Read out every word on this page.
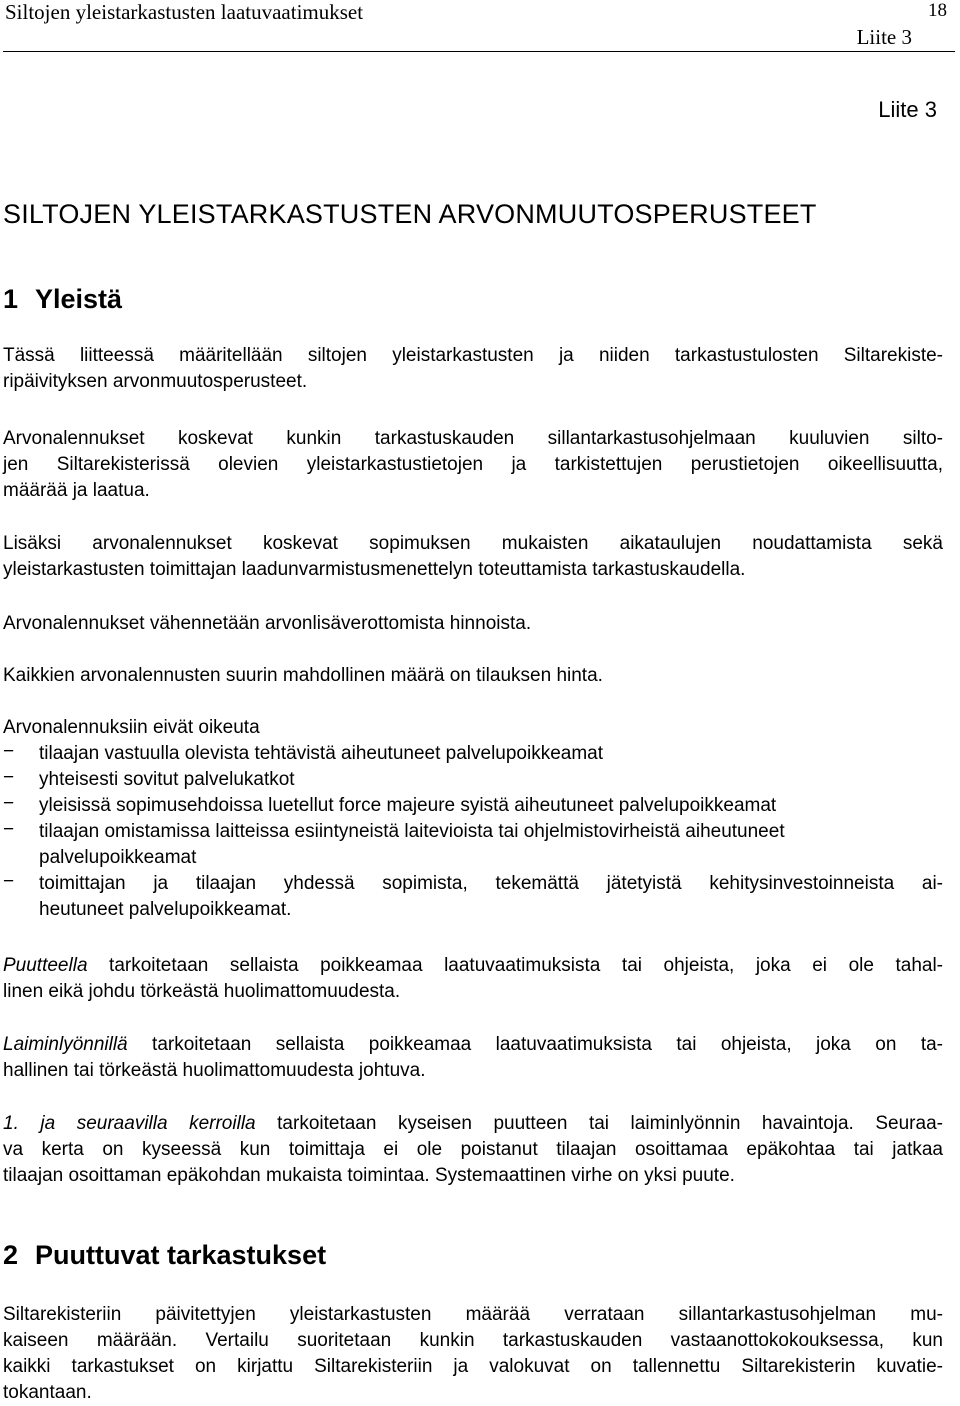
Siltojen yleistarkastusten laatuvaatimukset	18
Liite 3
Liite 3
SILTOJEN YLEISTARKASTUSTEN ARVONMUUTOSPERUSTEET
1 Yleistä
Tässä liitteessä määritellään siltojen yleistarkastusten ja niiden tarkastustulosten Siltarekiste-
ripäivityksen arvonmuutosperusteet.
Arvonalennukset koskevat kunkin tarkastuskauden sillantarkastusohjelmaan kuuluvien silto-
jen Siltarekisterissä olevien yleistarkastustietojen ja tarkistettujen perustietojen oikeellisuutta,
määrää ja laatua.
Lisäksi arvonalennukset koskevat sopimuksen mukaisten aikataulujen noudattamista sekä
yleistarkastusten toimittajan laadunvarmistusmenettelyn toteuttamista tarkastuskaudella.
Arvonalennukset vähennetään arvonlisäverottomista hinnoista.
Kaikkien arvonalennusten suurin mahdollinen määrä on tilauksen hinta.
Arvonalennuksiin eivät oikeuta
− tilaajan vastuulla olevista tehtävistä aiheutuneet palvelupoikkeamat
− yhteisesti sovitut palvelukatkot
− yleisissä sopimusehdoissa luetellut force majeure syistä aiheutuneet palvelupoikkeamat
− tilaajan omistamissa laitteissa esiintyneistä laitevioista tai ohjelmistovirheistä aiheutuneet
palvelupoikkeamat
− toimittajan ja tilaajan yhdessä sopimista, tekemättä jätetyistä kehitysinvestoinneista ai-
heutuneet palvelupoikkeamat.
Puutteella tarkoitetaan sellaista poikkeamaa laatuvaatimuksista tai ohjeista, joka ei ole tahal-
linen eikä johdu törkeästä huolimattomuudesta.
Laiminlyönnillä tarkoitetaan sellaista poikkeamaa laatuvaatimuksista tai ohjeista, joka on ta-
hallinen tai törkeästä huolimattomuudesta johtuva.
1. ja seuraavilla kerroilla tarkoitetaan kyseisen puutteen tai laiminlyönnin havaintoja. Seuraa-
va kerta on kyseessä kun toimittaja ei ole poistanut tilaajan osoittamaa epäkohtaa tai jatkaa
tilaajan osoittaman epäkohdan mukaista toimintaa. Systemaattinen virhe on yksi puute.
2 Puuttuvat tarkastukset
Siltarekisteriin päivitettyjen yleistarkastusten määrää verrataan sillantarkastusohjelman mu-
kaiseen määrään. Vertailu suoritetaan kunkin tarkastuskauden vastaanottokokouksessa, kun
kaikki tarkastukset on kirjattu Siltarekisteriin ja valokuvat on tallennettu Siltarekisterin kuvatie-
tokantaan.
